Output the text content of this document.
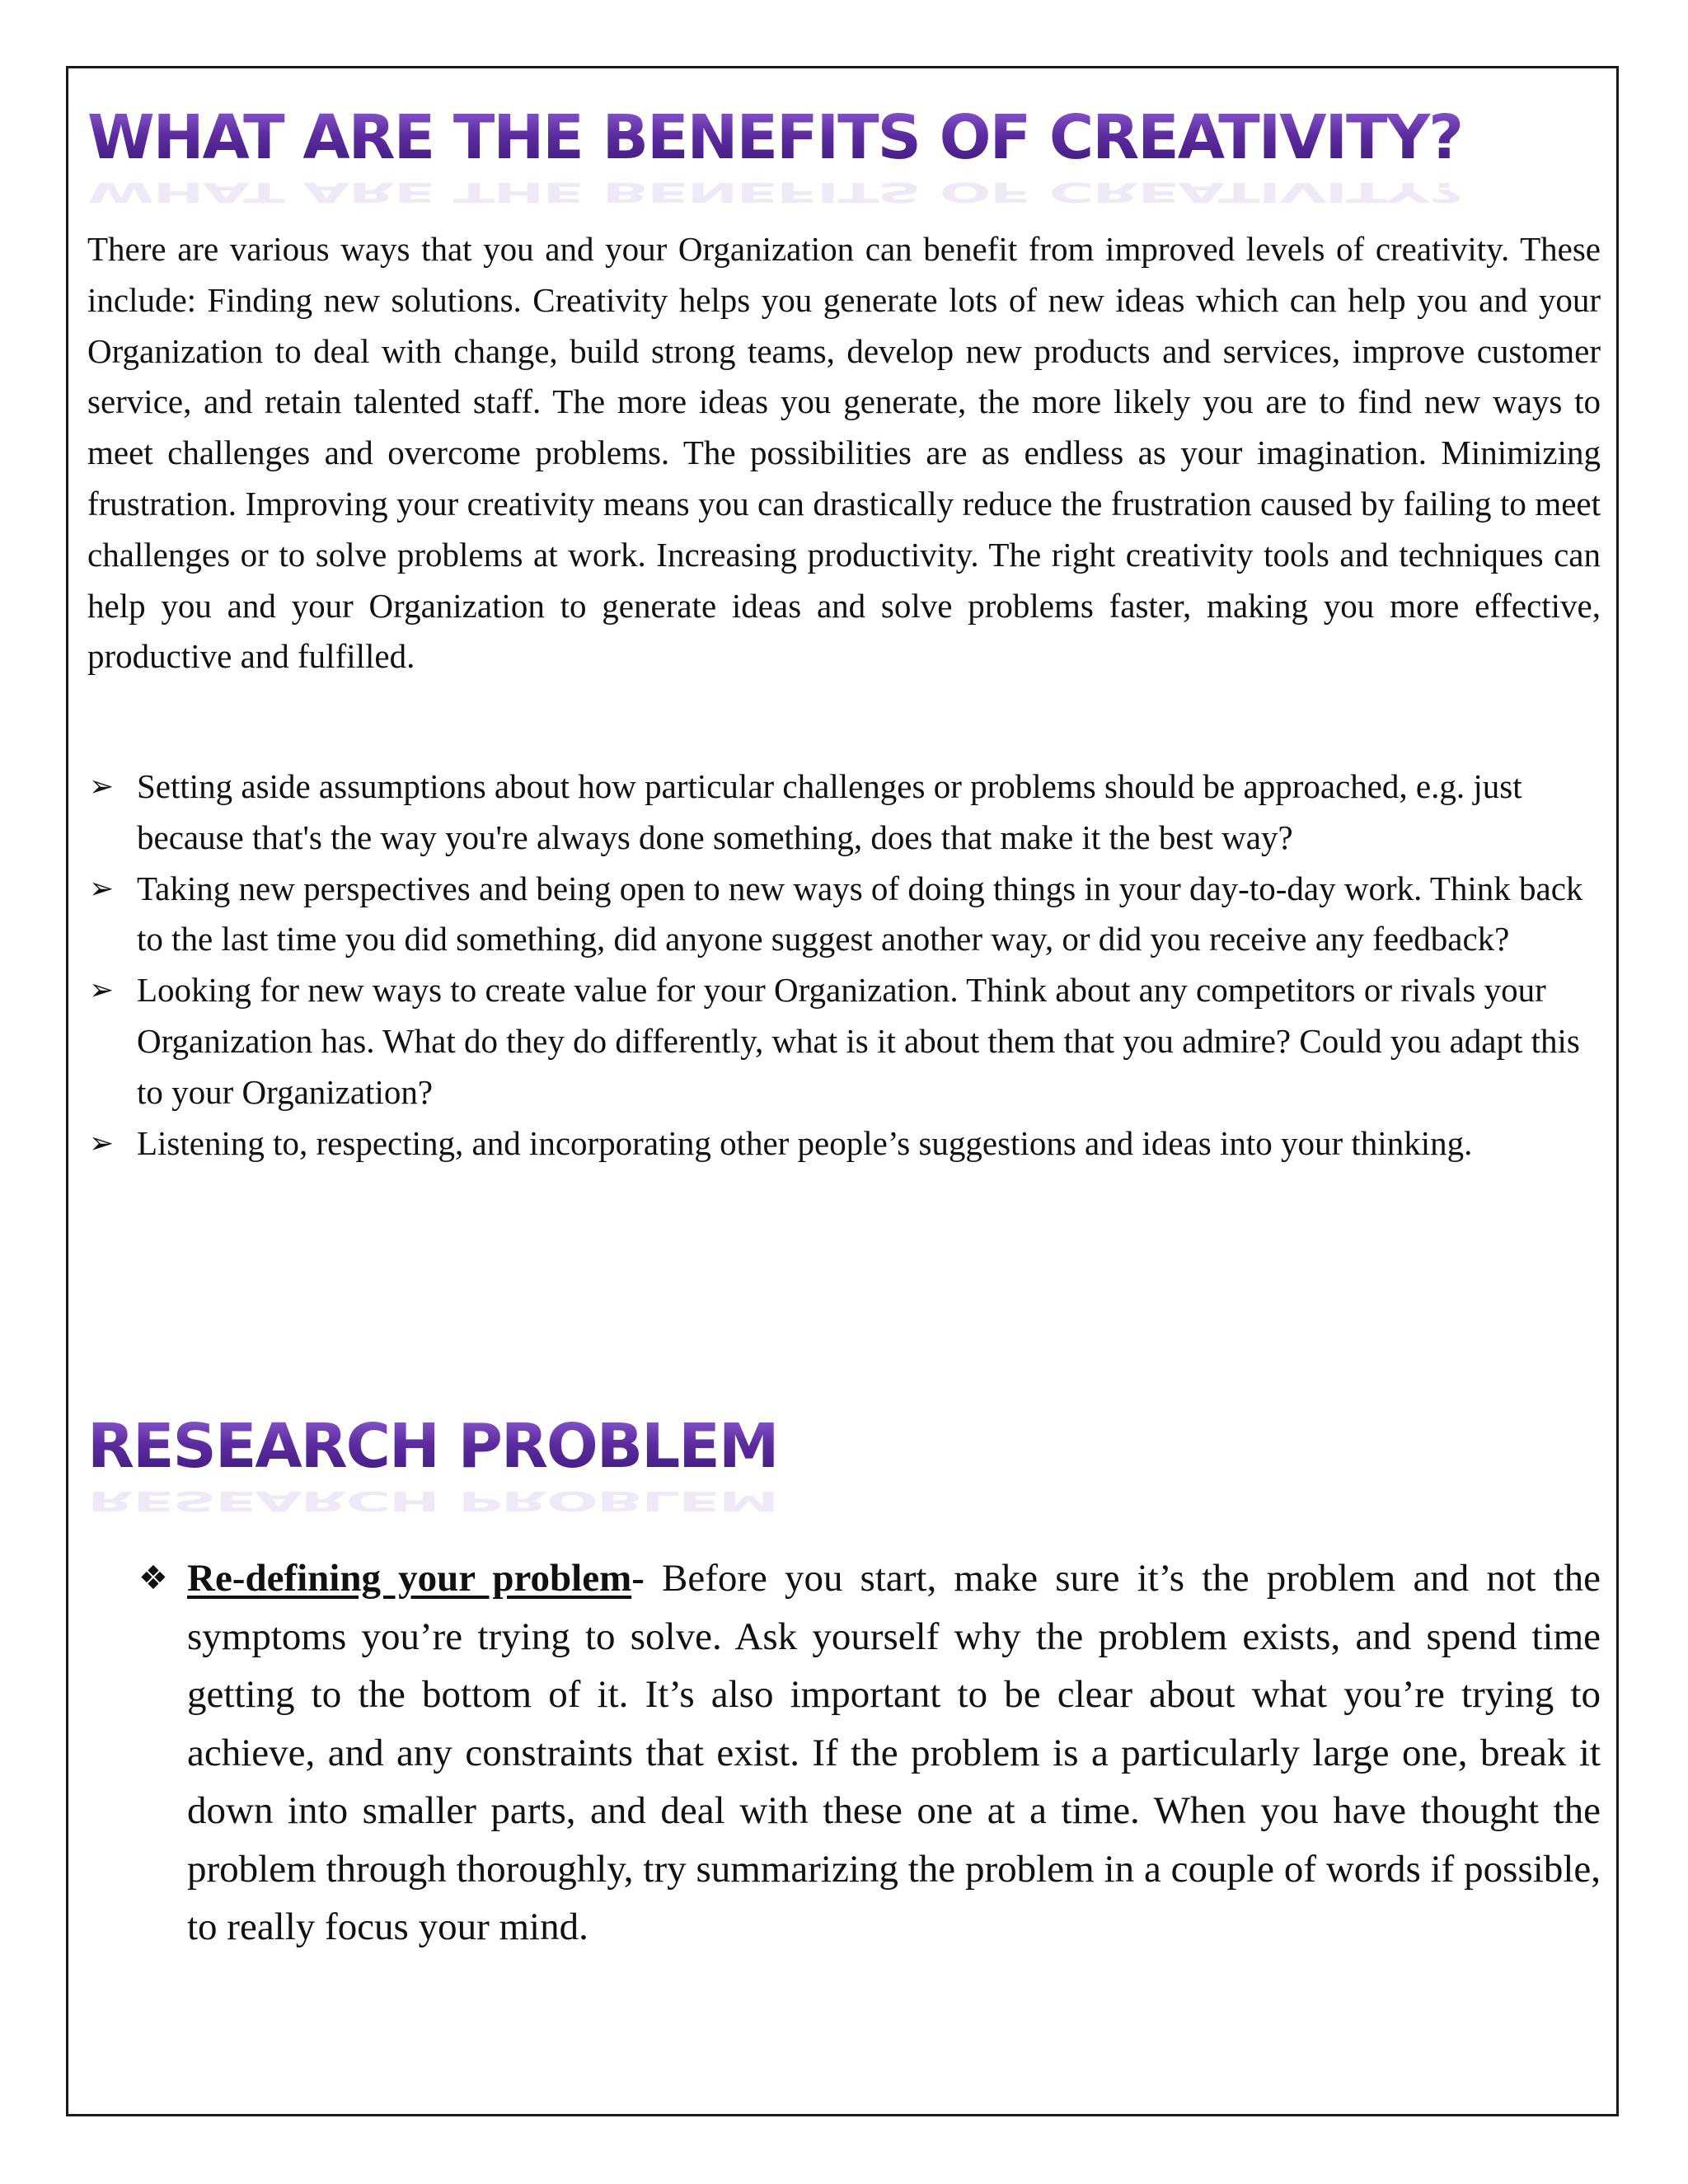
WHAT ARE THE BENEFITS OF CREATIVITY?
WHAT ARE THE BENEFITS OF CREATIVITY?

There are various ways that you and your Organization can benefit from improved levels of creativity. These include: Finding new solutions. Creativity helps you generate lots of new ideas which can help you and your Organization to deal with change, build strong teams, develop new products and services, improve customer service, and retain talented staff. The more ideas you generate, the more likely you are to find new ways to meet challenges and overcome problems. The possibilities are as endless as your imagination. Minimizing frustration. Improving your creativity means you can drastically reduce the frustration caused by failing to meet challenges or to solve problems at work. Increasing productivity. The right creativity tools and techniques can help you and your Organization to generate ideas and solve problems faster, making you more effective, productive and fulfilled.

➢ Setting aside assumptions about how particular challenges or problems should be approached, e.g. just because that's the way you're always done something, does that make it the best way?
➢ Taking new perspectives and being open to new ways of doing things in your day-to-day work. Think back to the last time you did something, did anyone suggest another way, or did you receive any feedback?
➢ Looking for new ways to create value for your Organization. Think about any competitors or rivals your Organization has. What do they do differently, what is it about them that you admire? Could you adapt this to your Organization?
➢ Listening to, respecting, and incorporating other people’s suggestions and ideas into your thinking.
RESEARCH PROBLEM
RESEARCH PROBLEM
❖ Re-defining your problem- Before you start, make sure it’s the problem and not the symptoms you’re trying to solve. Ask yourself why the problem exists, and spend time getting to the bottom of it. It’s also important to be clear about what you’re trying to achieve, and any constraints that exist. If the problem is a particularly large one, break it down into smaller parts, and deal with these one at a time. When you have thought the problem through thoroughly, try summarizing the problem in a couple of words if possible, to really focus your mind.
